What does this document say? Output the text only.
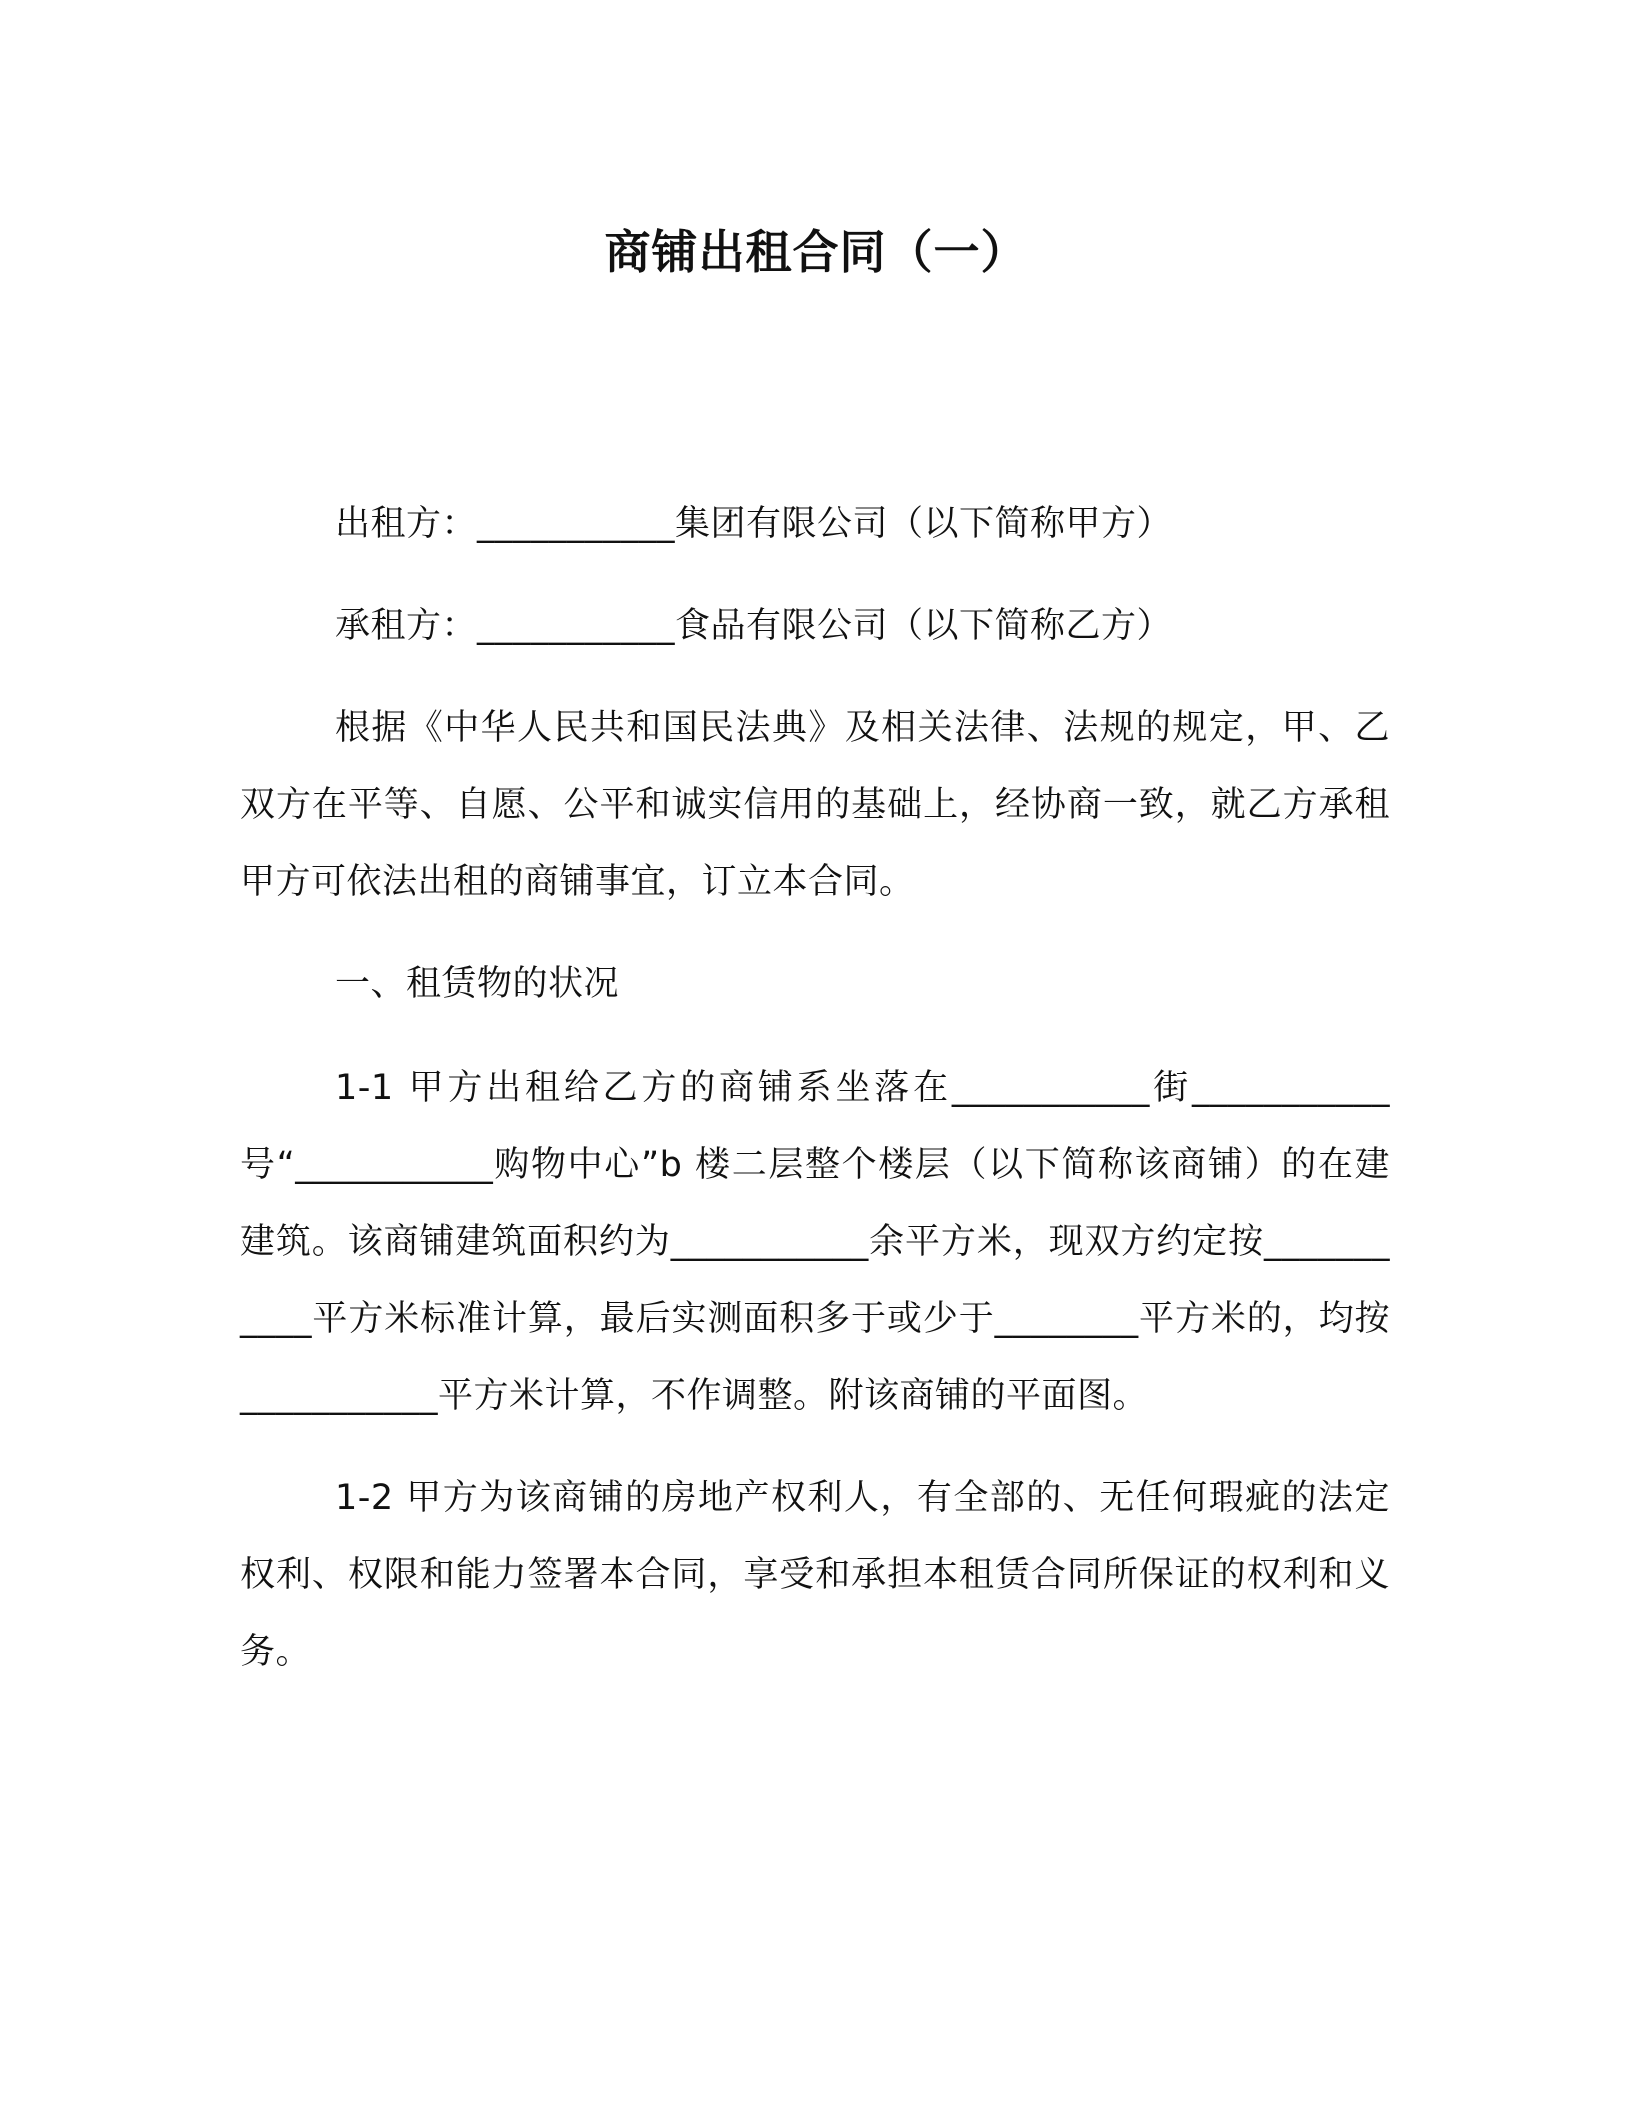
商铺出租合同（一）

出租方：___________集团有限公司（以下简称甲方）

承租方：___________食品有限公司（以下简称乙方）

根据《中华人民共和国民法典》及相关法律、法规的规定，甲、乙双方在平等、自愿、公平和诚实信用的基础上，经协商一致，就乙方承租甲方可依法出租的商铺事宜，订立本合同。

一、租赁物的状况

1-1 甲方出租给乙方的商铺系坐落在___________街___________号“___________购物中心”b 楼二层整个楼层（以下简称该商铺）的在建建筑。该商铺建筑面积约为___________余平方米，现双方约定按___________平方米标准计算，最后实测面积多于或少于________平方米的，均按___________平方米计算，不作调整。附该商铺的平面图。

1-2 甲方为该商铺的房地产权利人，有全部的、无任何瑕疵的法定权利、权限和能力签署本合同，享受和承担本租赁合同所保证的权利和义务。
